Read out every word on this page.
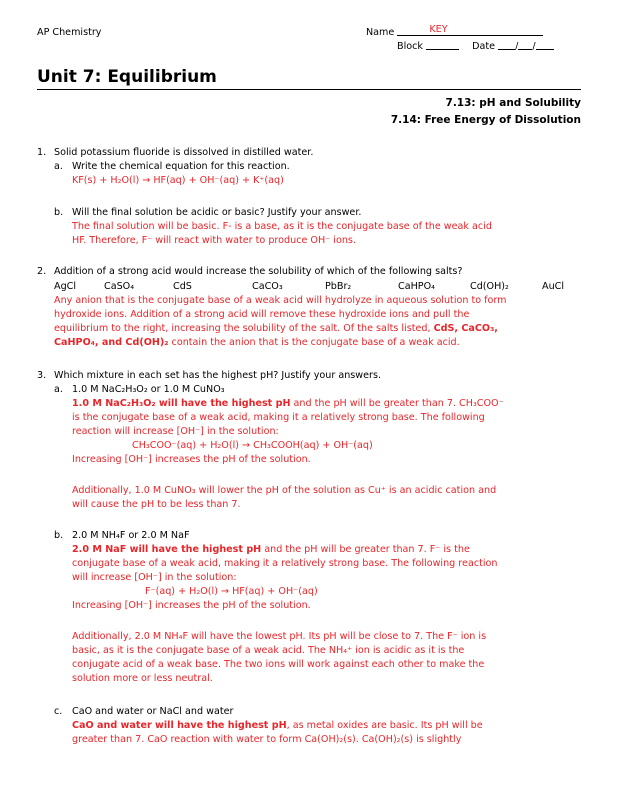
AP Chemistry	Name	KEY
Block	Date / /
Unit 7: Equilibrium
7.13: pH and Solubility
7.14: Free Energy of Dissolution
1. Solid potassium fluoride is dissolved in distilled water.
a. Write the chemical equation for this reaction.
KF(s) + H₂O(l) → HF(aq) + OH⁻(aq) + K⁺(aq)
b. Will the final solution be acidic or basic? Justify your answer.
The final solution will be basic. F- is a base, as it is the conjugate base of the weak acid
HF. Therefore, F⁻ will react with water to produce OH⁻ ions.
2. Addition of a strong acid would increase the solubility of which of the following salts?
AgCl	CaSO₄	CdS	CaCO₃	PbBr₂	CaHPO₄	Cd(OH)₂	AuCl
Any anion that is the conjugate base of a weak acid will hydrolyze in aqueous solution to form
hydroxide ions. Addition of a strong acid will remove these hydroxide ions and pull the
equilibrium to the right, increasing the solubility of the salt. Of the salts listed, CdS, CaCO₃,
CaHPO₄, and Cd(OH)₂ contain the anion that is the conjugate base of a weak acid.
3. Which mixture in each set has the highest pH? Justify your answers.
a. 1.0 M NaC₂H₃O₂ or 1.0 M CuNO₃
1.0 M NaC₂H₃O₂ will have the highest pH and the pH will be greater than 7. CH₃COO⁻
is the conjugate base of a weak acid, making it a relatively strong base. The following
reaction will increase [OH⁻] in the solution:
CH₃COO⁻(aq) + H₂O(l) → CH₃COOH(aq) + OH⁻(aq)
Increasing [OH⁻] increases the pH of the solution.
Additionally, 1.0 M CuNO₃ will lower the pH of the solution as Cu⁺ is an acidic cation and
will cause the pH to be less than 7.
b. 2.0 M NH₄F or 2.0 M NaF
2.0 M NaF will have the highest pH and the pH will be greater than 7. F⁻ is the
conjugate base of a weak acid, making it a relatively strong base. The following reaction
will increase [OH⁻] in the solution:
F⁻(aq) + H₂O(l) → HF(aq) + OH⁻(aq)
Increasing [OH⁻] increases the pH of the solution.
Additionally, 2.0 M NH₄F will have the lowest pH. Its pH will be close to 7. The F⁻ ion is
basic, as it is the conjugate base of a weak acid. The NH₄⁺ ion is acidic as it is the
conjugate acid of a weak base. The two ions will work against each other to make the
solution more or less neutral.
c. CaO and water or NaCl and water
CaO and water will have the highest pH, as metal oxides are basic. Its pH will be
greater than 7. CaO reaction with water to form Ca(OH)₂(s). Ca(OH)₂(s) is slightly
